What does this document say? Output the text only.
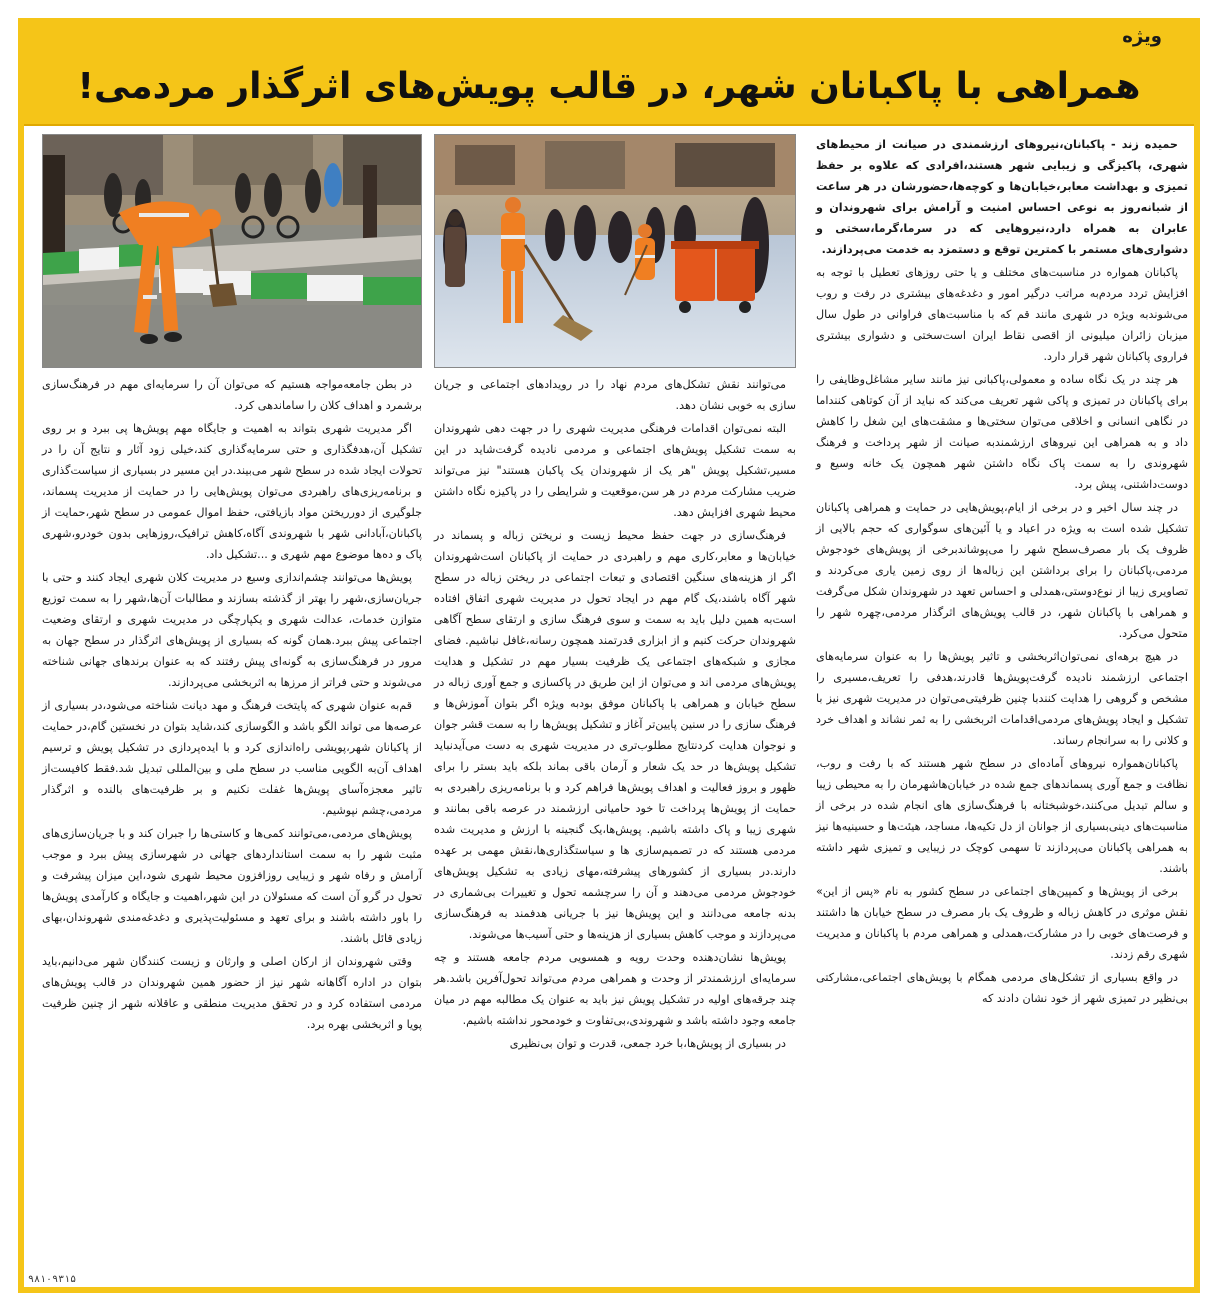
ویژه
همراهی با پاکبانان شهر، در قالب پویش‌های اثرگذار مردمی!

حمیده زند - پاکبانان،نیروهای ارزشمندی در صیانت از محیط‌های شهری، پاکیزگی و زیبایی شهر هستند،افرادی که علاوه بر حفظ تمیزی و بهداشت معابر،خیابان‌ها و کوچه‌ها،حضورشان در هر ساعت از شبانه‌روز به نوعی احساس امنیت و آرامش برای شهروندان و عابران به همراه دارد،نیروهایی که در سرما،گرما،سختی و دشواری‌های مستمر با کمترین توقع و دستمزد به خدمت می‌پردازند.

پاکبانان همواره در مناسبت‌های مختلف و یا حتی روزهای تعطیل با توجه به افزایش تردد مردم‌به مراتب درگیر امور و دغدغه‌های بیشتری در رفت و روب می‌شوند‌به ویژه در شهری مانند قم که با مناسبت‌های فراوانی در طول سال میزبان زائران میلیونی از اقصی نقاط ایران است‌سختی و دشواری بیشتری فراروی پاکبانان شهر قرار دارد.

هر چند در یک نگاه ساده و معمولی،پاکبانی نیز مانند سایر مشاغل‌وظایفی را برای پاکبانان در تمیزی و پاکی شهر تعریف می‌کند که نباید از آن کوتاهی کنند‌اما در نگاهی انسانی و اخلاقی می‌توان سختی‌ها و مشقت‌های این شغل را کاهش داد و به همراهی این نیروهای ارزشمند‌به صیانت از شهر پرداخت و فرهنگ شهروندی را به سمت پاک نگاه داشتن شهر همچون یک خانه وسیع و دوست‌داشتنی، پیش برد.

در چند سال اخیر و در برخی از ایام،پویش‌هایی در حمایت و همراهی پاکبانان تشکیل شده است به ویژه در اعیاد و یا آئین‌های سوگواری که حجم بالایی از ظروف یک بار مصرف‌سطح شهر را می‌پوشاند‌برخی از پویش‌های خودجوش مردمی،پاکبانان را برای برداشتن این زباله‌ها از روی زمین یاری می‌کردند و تصاویری زیبا از نوع‌دوستی،همدلی و احساس تعهد در شهروندان شکل می‌گرفت و همراهی با پاکبانان شهر، در قالب پویش‌های اثرگذار مردمی،چهره شهر را متحول می‌کرد.

در هیچ برهه‌ای نمی‌توان‌اثربخشی و تاثیر پویش‌ها را به عنوان سرمایه‌های اجتماعی ارزشمند نادیده گرفت‌پویش‌ها قادرند،هدفی را تعریف‌،مسیری را مشخص و گروهی را هدایت کنند‌با چنین ظرفیتی‌می‌توان در مدیریت شهری نیز با تشکیل و ایجاد پویش‌های مردمی‌اقدامات اثربخشی را به ثمر نشاند و اهداف خرد و کلانی را به سرانجام رساند.

پاکبانان‌همواره نیروهای آماده‌ای در سطح شهر هستند که با رفت و روب، نظافت و جمع آوری پسماندهای جمع شده در خیابان‌ها‌شهرمان را به محیطی زیبا و سالم تبدیل می‌کنند،خوشبختانه با فرهنگ‌سازی های انجام شده در برخی از مناسبت‌های دینی‌بسیاری از جوانان از دل تکیه‌ها، مساجد، هیئت‌ها و حسینیه‌ها نیز به همراهی پاکبانان می‌پردازند تا سهمی کوچک در زیبایی و تمیزی شهر داشته باشند.

برخی از پویش‌ها و کمپین‌های اجتماعی در سطح کشور به نام «پس از این» نقش موثری در کاهش زباله و ظروف یک بار مصرف در سطح خیابان ها داشتند و فرصت‌های خوبی را در مشارکت،همدلی و همراهی مردم با پاکبانان و مدیریت شهری رقم زدند.

در واقع بسیاری از تشکل‌های مردمی همگام با پویش‌های اجتماعی،مشارکتی بی‌نظیر در تمیزی شهر از خود نشان دادند که

می‌توانند نقش تشکل‌های مردم نهاد را در رویدادهای اجتماعی و جریان سازی به خوبی نشان دهد.

البته نمی‌توان اقدامات فرهنگی مدیریت شهری را در جهت دهی شهروندان به سمت تشکیل پویش‌های اجتماعی و مردمی نادیده گرفت‌شاید در این مسیر،تشکیل پویش "هر یک از شهروندان یک پاکبان هستند" نیز می‌تواند ضریب مشارکت مردم در هر سن،موقعیت و شرایطی را در پاکیزه نگاه داشتن محیط شهری افزایش دهد.

فرهنگ‌سازی در جهت حفظ محیط زیست و نریختن زباله و پسماند در خیابان‌ها و معابر،کاری مهم و راهبردی در حمایت از پاکبانان است‌شهروندان اگر از هزینه‌های سنگین اقتصادی و تبعات اجتماعی در ریختن زباله در سطح شهر آگاه باشند،یک گام مهم در ایجاد تحول در مدیریت شهری اتفاق افتاده است‌به همین دلیل باید به سمت و سوی فرهنگ سازی و ارتقای سطح آگاهی شهروندان حرکت کنیم و از ابزاری قدرتمند همچون رسانه،غافل نباشیم. فضای مجازی و شبکه‌های اجتماعی یک ظرفیت بسیار مهم در تشکیل و هدایت پویش‌های مردمی اند و می‌توان از این طریق در پاکسازی و جمع آوری زباله در سطح خیابان و همراهی با پاکبانان موفق بود‌به ویژه اگر بتوان آموزش‌ها و فرهنگ سازی را در سنین پایین‌تر آغاز و تشکیل پویش‌ها را به سمت قشر جوان و نوجوان هدایت کرد‌نتایج مطلوب‌تری در مدیریت شهری به دست می‌آید‌نباید تشکیل پویش‌ها در حد یک شعار و آرمان باقی بماند بلکه باید بستر را برای ظهور و بروز فعالیت و اهداف پویش‌ها فراهم کرد و با برنامه‌ریزی راهبردی به حمایت از پویش‌ها پرداخت تا خود حامیانی ارزشمند در عرصه باقی بمانند و شهری زیبا و پاک داشته باشیم. پویش‌ها،یک گنجینه با ارزش و مدیریت شده مردمی هستند که در تصمیم‌سازی ها و سیاستگذاری‌ها،نقش مهمی بر عهده دارند.در بسیاری از کشورهای پیشرفته،مهای زیادی به تشکیل پویش‌های خودجوش مردمی می‌دهند و آن را سرچشمه تحول و تغییرات بی‌شماری در بدنه جامعه می‌دانند و این پویش‌ها نیز با جریانی هدفمند به فرهنگ‌سازی می‌پردازند و موجب کاهش بسیاری از هزینه‌ها و حتی آسیب‌ها می‌شوند.

پویش‌ها نشان‌دهنده وحدت رویه و همسویی مردم جامعه هستند و چه سرمایه‌ای ارزشمندتر از وحدت و همراهی مردم می‌تواند تحول‌آفرین باشد.هر چند جرقه‌های اولیه در تشکیل پویش نیز باید به عنوان یک مطالبه مهم در میان جامعه وجود داشته باشد و شهروندی،بی‌تفاوت و خودمحور نداشته باشیم.

در بسیاری از پویش‌ها،با خرد جمعی، قدرت و توان بی‌نظیری

در بطن جامعه‌مواجه هستیم که می‌توان آن را سرمایه‌ای مهم در فرهنگ‌سازی برشمرد و اهداف کلان را ساماندهی کرد.

اگر مدیریت شهری بتواند به اهمیت و جایگاه مهم پویش‌ها پی ببرد و بر روی تشکیل آن،هدفگذاری و حتی سرمایه‌گذاری کند،خیلی زود آثار و نتایج آن را در تحولات ایجاد شده در سطح شهر می‌بیند.در این مسیر در بسیاری از سیاست‌گذاری و برنامه‌ریزی‌های راهبردی می‌توان پویش‌هایی را در حمایت از مدیریت پسماند، جلوگیری از دورریختن مواد بازیافتی، حفظ اموال عمومی در سطح شهر،حمایت از پاکبانان،آبادانی شهر با شهروندی آگاه،کاهش ترافیک،روزهایی بدون خودرو،شهری پاک و ده‌ها موضوع مهم شهری و ...تشکیل داد.

پویش‌ها می‌توانند چشم‌اندازی وسیع در مدیریت کلان شهری ایجاد کنند و حتی با جریان‌سازی،شهر را بهتر از گذشته بسازند و مطالبات آن‌ها،شهر را به سمت توزیع متوازن خدمات، عدالت شهری و یکپارچگی در مدیریت شهری و ارتقای وضعیت اجتماعی پیش ببرد.همان گونه که بسیاری از پویش‌های اثرگذار در سطح جهان به مرور در فرهنگ‌سازی به گونه‌ای پیش رفتند که به عنوان برندهای جهانی شناخته می‌شوند و حتی فراتر از مرزها به اثربخشی می‌پردازند.

قم‌به عنوان شهری که پایتخت فرهنگ و مهد دیانت شناخته می‌شود،در بسیاری از عرصه‌ها می تواند الگو باشد و الگوسازی کند،شاید بتوان در نخستین گام،در حمایت از پاکبانان شهر،پویشی راه‌اندازی کرد و با ایده‌پردازی در تشکیل پویش و ترسیم اهداف آن‌به الگویی مناسب در سطح ملی و بین‌المللی تبدیل شد.فقط کافیست‌از تاثیر معجزه‌آسای پویش‌ها غفلت نکنیم و بر ظرفیت‌های بالنده و اثرگذار مردمی،چشم نپوشیم.

پویش‌های مردمی،می‌توانند کمی‌ها و کاستی‌ها را جبران کند و با جریان‌سازی‌های مثبت شهر را به سمت استانداردهای جهانی در شهرسازی پیش ببرد و موجب آرامش و رفاه شهر و زیبایی روزافزون محیط شهری شود،این میزان پیشرفت و تحول در گرو آن است که مسئولان در این شهر،اهمیت و جایگاه و کارآمدی پویش‌ها را باور داشته باشند و برای تعهد و مسئولیت‌پذیری و دغدغه‌مندی شهروندان،بهای زیادی قائل باشند.

وقتی شهروندان از ارکان اصلی و وارثان و زیست کنندگان شهر می‌دانیم،باید بتوان در اداره آگاهانه شهر نیز از حضور همین شهروندان در قالب پویش‌های مردمی استفاده کرد و در تحقق مدیریت منطقی و عاقلانه شهر از چنین ظرفیت پویا و اثربخشی بهره برد.

۹۸۱۰۹۳۱۵
